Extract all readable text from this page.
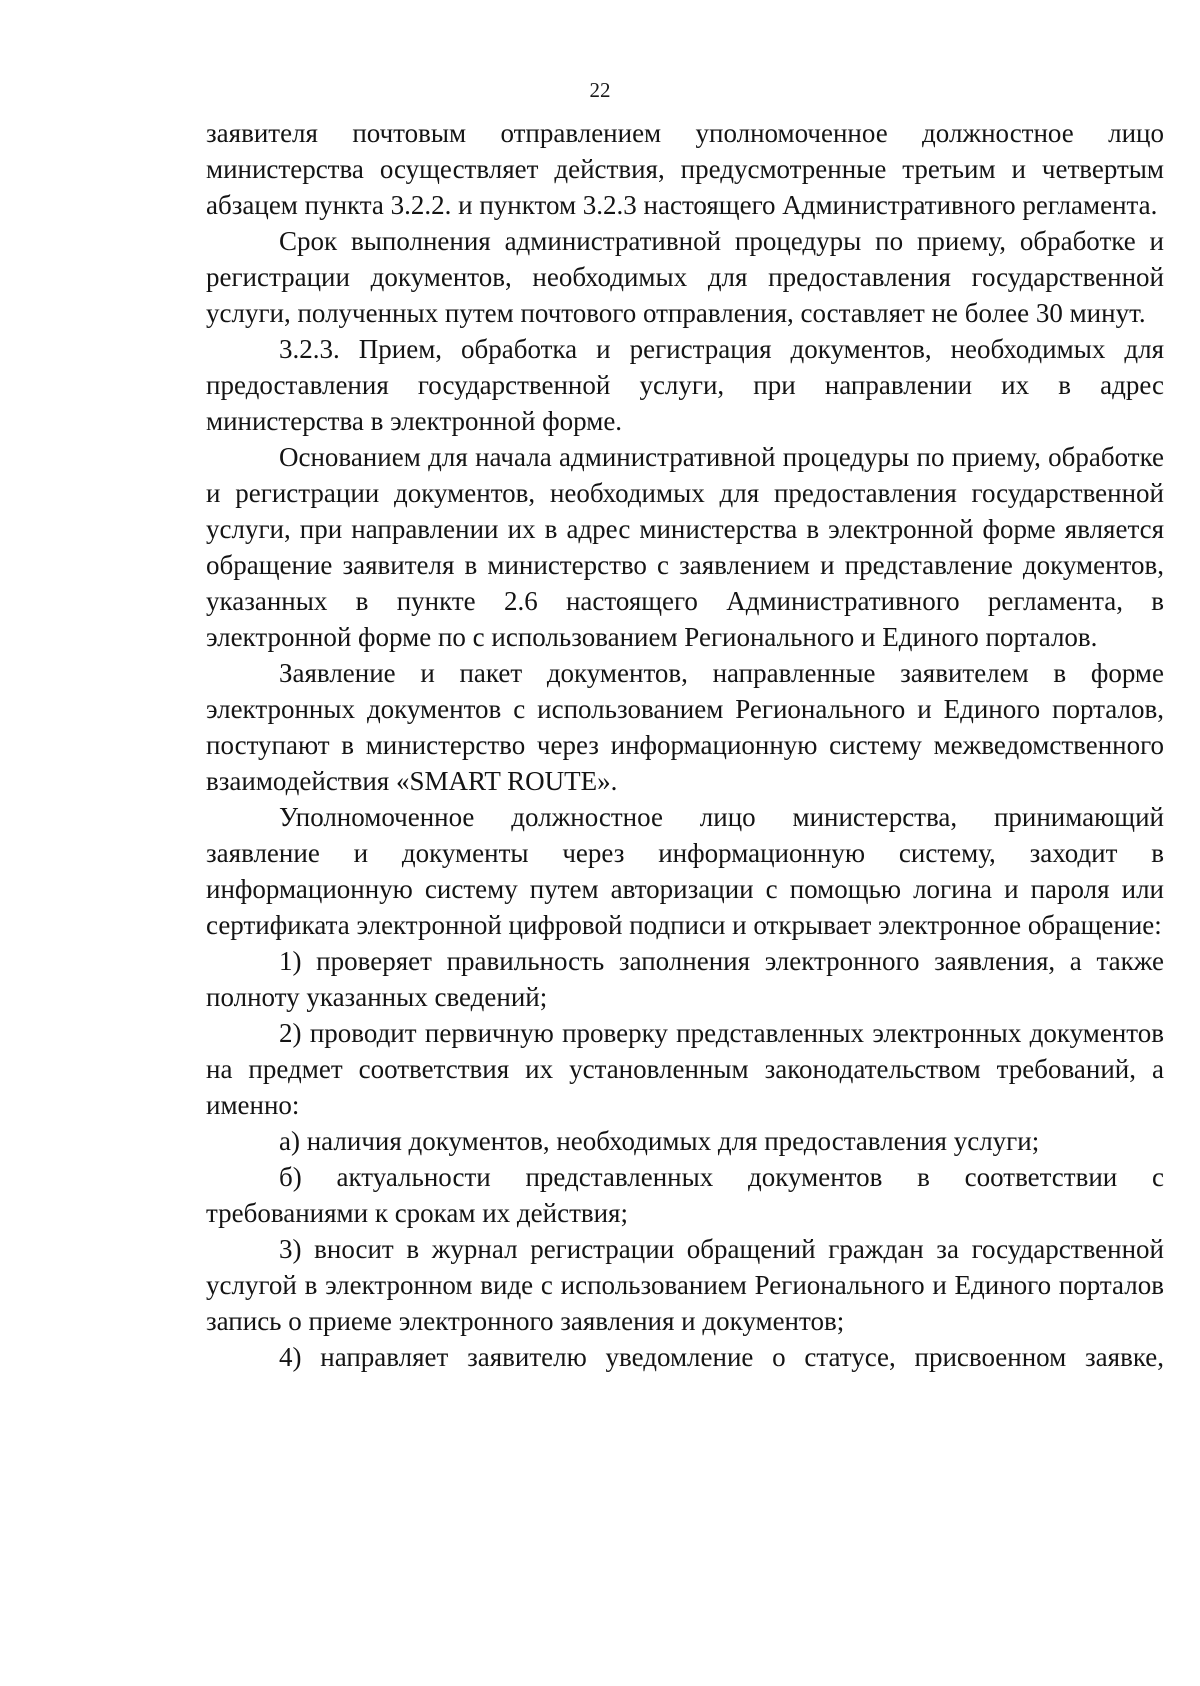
22

заявителя почтовым отправлением уполномоченное должностное лицо министерства осуществляет действия, предусмотренные третьим и четвертым абзацем пункта 3.2.2. и пунктом 3.2.3 настоящего Административного регламента.

Срок выполнения административной процедуры по приему, обработке и регистрации документов, необходимых для предоставления государственной услуги, полученных путем почтового отправления, составляет не более 30 минут.

3.2.3. Прием, обработка и регистрация документов, необходимых для предоставления государственной услуги, при направлении их в адрес министерства в электронной форме.

Основанием для начала административной процедуры по приему, обработке и регистрации документов, необходимых для предоставления государственной услуги, при направлении их в адрес министерства в электронной форме является обращение заявителя в министерство с заявлением и представление документов, указанных в пункте 2.6 настоящего Административного регламента, в электронной форме по с использованием Регионального и Единого порталов.

Заявление и пакет документов, направленные заявителем в форме электронных документов с использованием Регионального и Единого порталов, поступают в министерство через информационную систему межведомственного взаимодействия «SMART ROUTE».

Уполномоченное должностное лицо министерства, принимающий заявление и документы через информационную систему, заходит в информационную систему путем авторизации с помощью логина и пароля или сертификата электронной цифровой подписи и открывает электронное обращение:

1) проверяет правильность заполнения электронного заявления, а также полноту указанных сведений;

2) проводит первичную проверку представленных электронных документов на предмет соответствия их установленным законодательством требований, а именно:

а) наличия документов, необходимых для предоставления услуги;

б) актуальности представленных документов в соответствии с требованиями к срокам их действия;

3) вносит в журнал регистрации обращений граждан за государственной услугой в электронном виде с использованием Регионального и Единого порталов запись о приеме электронного заявления и документов;

4) направляет заявителю уведомление о статусе, присвоенном заявке,
